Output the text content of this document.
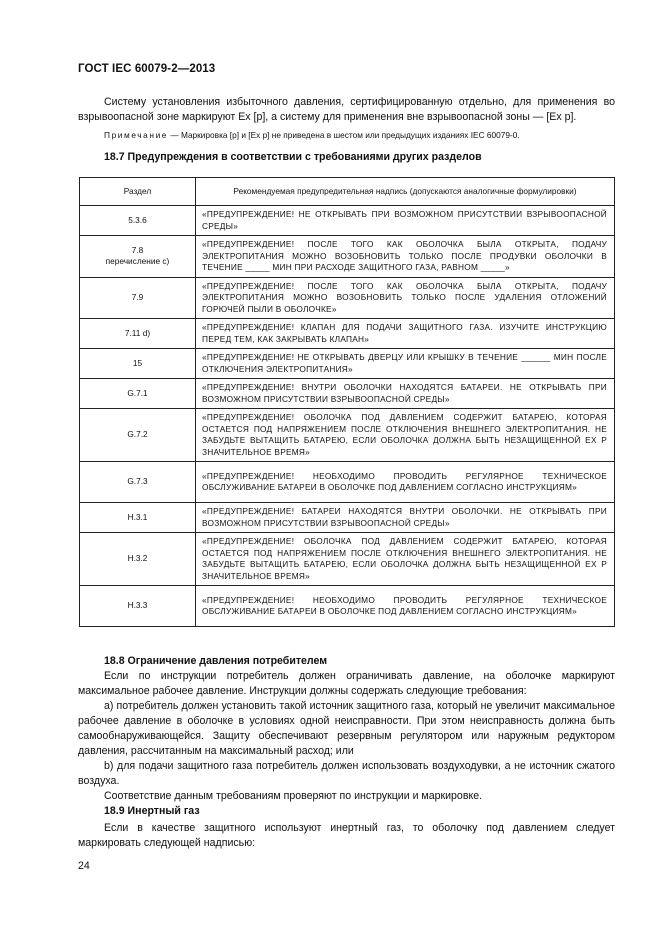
ГОСТ IEC 60079-2—2013
Систему установления избыточного давления, сертифицированную отдельно, для применения во взрывоопасной зоне маркируют Ex [p], а систему для применения вне взрывоопасной зоны — [Ex p].
Примечание — Маркировка [p] и [Ex p] не приведена в шестом или предыдущих изданиях IEC 60079-0.
18.7 Предупреждения в соответствии с требованиями других разделов
Раздел	Рекомендуемая предупредительная надпись (допускаются аналогичные формулировки)
5.3.6	«ПРЕДУПРЕЖДЕНИЕ! НЕ ОТКРЫВАТЬ ПРИ ВОЗМОЖНОМ ПРИСУТСТВИИ ВЗРЫВООПАСНОЙ СРЕДЫ»
7.8
перечисление с)	«ПРЕДУПРЕЖДЕНИЕ! ПОСЛЕ ТОГО КАК ОБОЛОЧКА БЫЛА ОТКРЫТА, ПОДАЧУ ЭЛЕКТРОПИТАНИЯ МОЖНО ВОЗОБНОВИТЬ ТОЛЬКО ПОСЛЕ ПРОДУВКИ ОБОЛОЧКИ В ТЕЧЕНИЕ _____ МИН ПРИ РАСХОДЕ ЗАЩИТНОГО ГАЗА, РАВНОМ _____»
7.9	«ПРЕДУПРЕЖДЕНИЕ! ПОСЛЕ ТОГО КАК ОБОЛОЧКА БЫЛА ОТКРЫТА, ПОДАЧУ ЭЛЕКТРОПИТАНИЯ МОЖНО ВОЗОБНОВИТЬ ТОЛЬКО ПОСЛЕ УДАЛЕНИЯ ОТЛОЖЕНИЙ ГОРЮЧЕЙ ПЫЛИ В ОБОЛОЧКЕ»
7.11 d)	«ПРЕДУПРЕЖДЕНИЕ! КЛАПАН ДЛЯ ПОДАЧИ ЗАЩИТНОГО ГАЗА. ИЗУЧИТЕ ИНСТРУКЦИЮ ПЕРЕД ТЕМ, КАК ЗАКРЫВАТЬ КЛАПАН»
15	«ПРЕДУПРЕЖДЕНИЕ! НЕ ОТКРЫВАТЬ ДВЕРЦУ ИЛИ КРЫШКУ В ТЕЧЕНИЕ ______ МИН ПОСЛЕ ОТКЛЮЧЕНИЯ ЭЛЕКТРОПИТАНИЯ»
G.7.1	«ПРЕДУПРЕЖДЕНИЕ! ВНУТРИ ОБОЛОЧКИ НАХОДЯТСЯ БАТАРЕИ. НЕ ОТКРЫВАТЬ ПРИ ВОЗМОЖНОМ ПРИСУТСТВИИ ВЗРЫВООПАСНОЙ СРЕДЫ»
G.7.2	«ПРЕДУПРЕЖДЕНИЕ! ОБОЛОЧКА ПОД ДАВЛЕНИЕМ СОДЕРЖИТ БАТАРЕЮ, КОТОРАЯ ОСТАЕТСЯ ПОД НАПРЯЖЕНИЕМ ПОСЛЕ ОТКЛЮЧЕНИЯ ВНЕШНЕГО ЭЛЕКТРОПИТАНИЯ. НЕ ЗАБУДЬТЕ ВЫТАЩИТЬ БАТАРЕЮ, ЕСЛИ ОБОЛОЧКА ДОЛЖНА БЫТЬ НЕЗАЩИЩЕННОЙ ЕХ Р ЗНАЧИТЕЛЬНОЕ ВРЕМЯ»
G.7.3	«ПРЕДУПРЕЖДЕНИЕ! НЕОБХОДИМО ПРОВОДИТЬ РЕГУЛЯРНОЕ ТЕХНИЧЕСКОЕ ОБСЛУЖИВАНИЕ БАТАРЕИ В ОБОЛОЧКЕ ПОД ДАВЛЕНИЕМ СОГЛАСНО ИНСТРУКЦИЯМ»
H.3.1	«ПРЕДУПРЕЖДЕНИЕ! БАТАРЕИ НАХОДЯТСЯ ВНУТРИ ОБОЛОЧКИ. НЕ ОТКРЫВАТЬ ПРИ ВОЗМОЖНОМ ПРИСУТСТВИИ ВЗРЫВООПАСНОЙ СРЕДЫ»
H.3.2	«ПРЕДУПРЕЖДЕНИЕ! ОБОЛОЧКА ПОД ДАВЛЕНИЕМ СОДЕРЖИТ БАТАРЕЮ, КОТОРАЯ ОСТАЕТСЯ ПОД НАПРЯЖЕНИЕМ ПОСЛЕ ОТКЛЮЧЕНИЯ ВНЕШНЕГО ЭЛЕКТРОПИТАНИЯ. НЕ ЗАБУДЬТЕ ВЫТАЩИТЬ БАТАРЕЮ, ЕСЛИ ОБОЛОЧКА ДОЛЖНА БЫТЬ НЕЗАЩИЩЕННОЙ ЕХ Р ЗНАЧИТЕЛЬНОЕ ВРЕМЯ»
H.3.3	«ПРЕДУПРЕЖДЕНИЕ! НЕОБХОДИМО ПРОВОДИТЬ РЕГУЛЯРНОЕ ТЕХНИЧЕСКОЕ ОБСЛУЖИВАНИЕ БАТАРЕИ В ОБОЛОЧКЕ ПОД ДАВЛЕНИЕМ СОГЛАСНО ИНСТРУКЦИЯМ»
18.8 Ограничение давления потребителем
Если по инструкции потребитель должен ограничивать давление, на оболочке маркируют максимальное рабочее давление. Инструкции должны содержать следующие требования:
а) потребитель должен установить такой источник защитного газа, который не увеличит максимальное рабочее давление в оболочке в условиях одной неисправности. При этом неисправность должна быть самообнаруживающейся. Защиту обеспечивают резервным регулятором или наружным редуктором давления, рассчитанным на максимальный расход; или
b) для подачи защитного газа потребитель должен использовать воздуходувки, а не источник сжатого воздуха.
Соответствие данным требованиям проверяют по инструкции и маркировке.
18.9 Инертный газ
Если в качестве защитного используют инертный газ, то оболочку под давлением следует маркировать следующей надписью:
24
